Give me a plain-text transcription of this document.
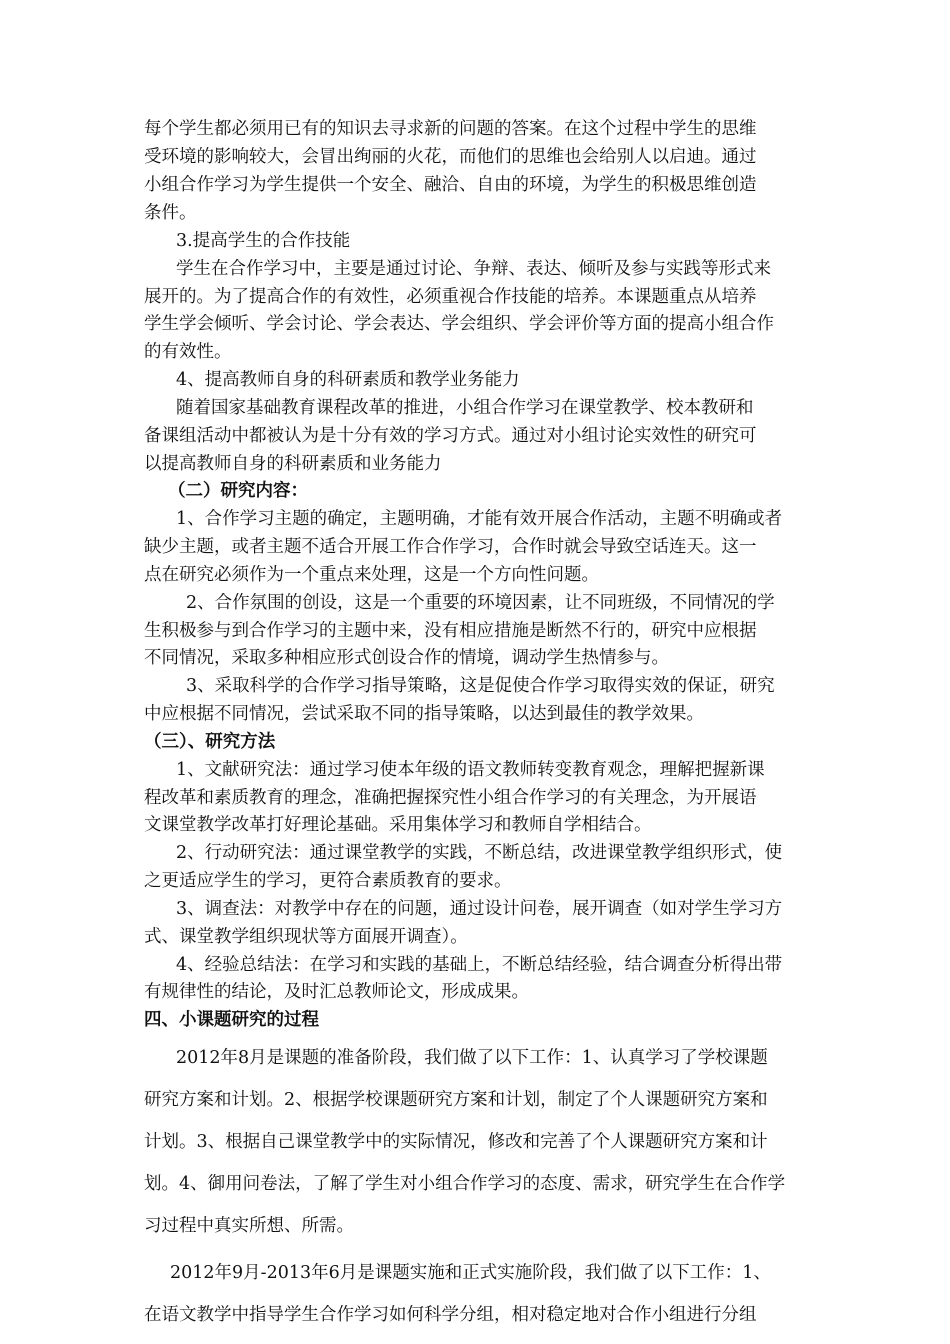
每个学生都必须用已有的知识去寻求新的问题的答案。在这个过程中学生的思维
受环境的影响较大，会冒出绚丽的火花，而他们的思维也会给别人以启迪。通过
小组合作学习为学生提供一个安全、融洽、自由的环境，为学生的积极思维创造
条件。
3.提高学生的合作技能
学生在合作学习中，主要是通过讨论、争辩、表达、倾听及参与实践等形式来
展开的。为了提高合作的有效性，必须重视合作技能的培养。本课题重点从培养
学生学会倾听、学会讨论、学会表达、学会组织、学会评价等方面的提高小组合作
的有效性。
4、提高教师自身的科研素质和教学业务能力
随着国家基础教育课程改革的推进，小组合作学习在课堂教学、校本教研和
备课组活动中都被认为是十分有效的学习方式。通过对小组讨论实效性的研究可
以提高教师自身的科研素质和业务能力
（二）研究内容：
1、合作学习主题的确定，主题明确，才能有效开展合作活动，主题不明确或者
缺少主题，或者主题不适合开展工作合作学习，合作时就会导致空话连天。这一
点在研究必须作为一个重点来处理，这是一个方向性问题。
2、合作氛围的创设，这是一个重要的环境因素，让不同班级，不同情况的学
生积极参与到合作学习的主题中来，没有相应措施是断然不行的，研究中应根据
不同情况，采取多种相应形式创设合作的情境，调动学生热情参与。
3、采取科学的合作学习指导策略，这是促使合作学习取得实效的保证，研究
中应根据不同情况，尝试采取不同的指导策略，以达到最佳的教学效果。
（三）、研究方法
1、文献研究法：通过学习使本年级的语文教师转变教育观念，理解把握新课
程改革和素质教育的理念，准确把握探究性小组合作学习的有关理念，为开展语
文课堂教学改革打好理论基础。采用集体学习和教师自学相结合。
2、行动研究法：通过课堂教学的实践，不断总结，改进课堂教学组织形式，使
之更适应学生的学习，更符合素质教育的要求。
3、调查法：对教学中存在的问题，通过设计问卷，展开调查（如对学生学习方
式、课堂教学组织现状等方面展开调查）。
4、经验总结法：在学习和实践的基础上，不断总结经验，结合调查分析得出带
有规律性的结论，及时汇总教师论文，形成成果。
四、小课题研究的过程
2012年8月是课题的准备阶段，我们做了以下工作：1、认真学习了学校课题
研究方案和计划。2、根据学校课题研究方案和计划，制定了个人课题研究方案和
计划。3、根据自己课堂教学中的实际情况，修改和完善了个人课题研究方案和计
划。4、御用问卷法，了解了学生对小组合作学习的态度、需求，研究学生在合作学
习过程中真实所想、所需。
2012年9月-2013年6月是课题实施和正式实施阶段，我们做了以下工作：1、
在语文教学中指导学生合作学习如何科学分组，相对稳定地对合作小组进行分组
